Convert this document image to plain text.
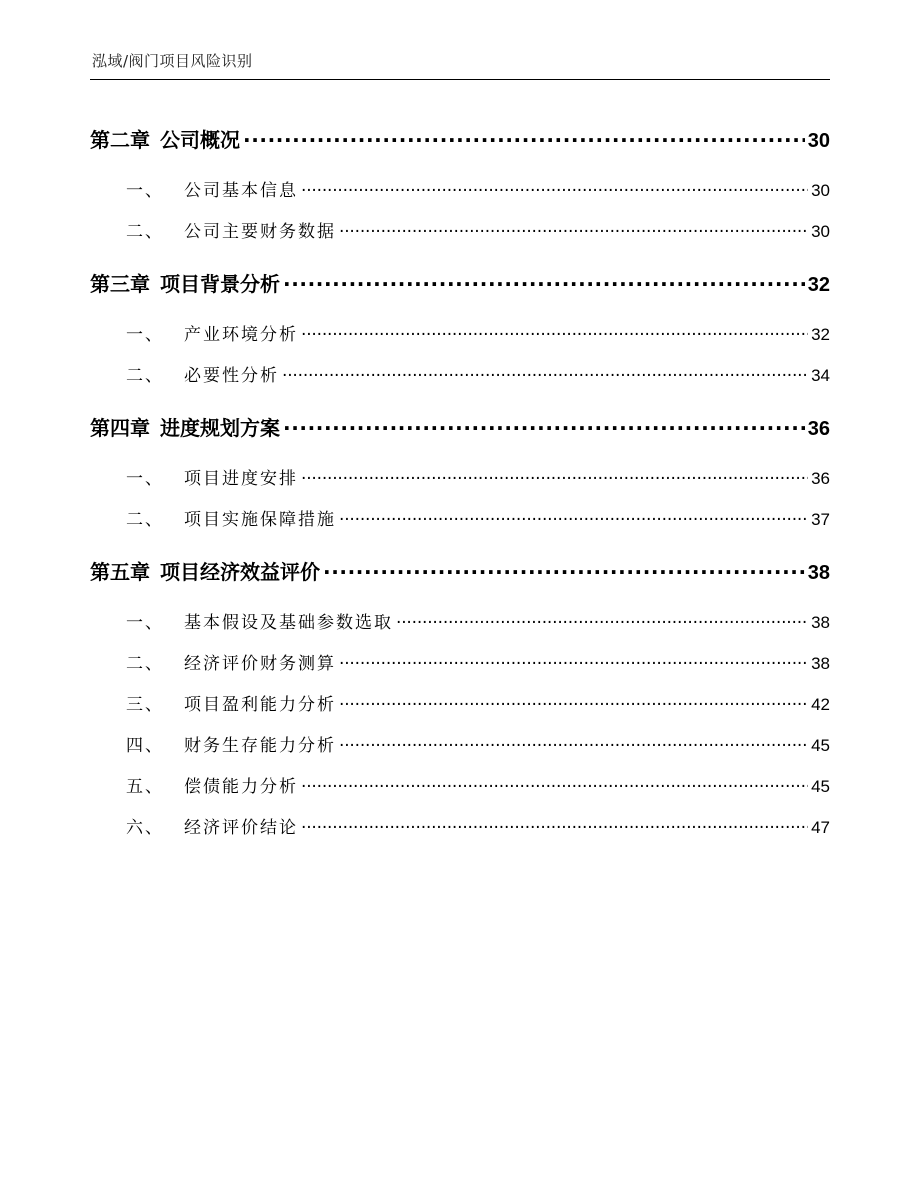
泓域/阀门项目风险识别
第二章 公司概况 .....	30
一、	公司基本信息 .....	30
二、	公司主要财务数据 .....	30
第三章 项目背景分析 .....	32
一、	产业环境分析 .....	32
二、	必要性分析 .....	34
第四章 进度规划方案 .....	36
一、	项目进度安排 .....	36
二、	项目实施保障措施 .....	37
第五章 项目经济效益评价 .....	38
一、	基本假设及基础参数选取 .....	38
二、	经济评价财务测算 .....	38
三、	项目盈利能力分析 .....	42
四、	财务生存能力分析 .....	45
五、	偿债能力分析 .....	45
六、	经济评价结论 .....	47
